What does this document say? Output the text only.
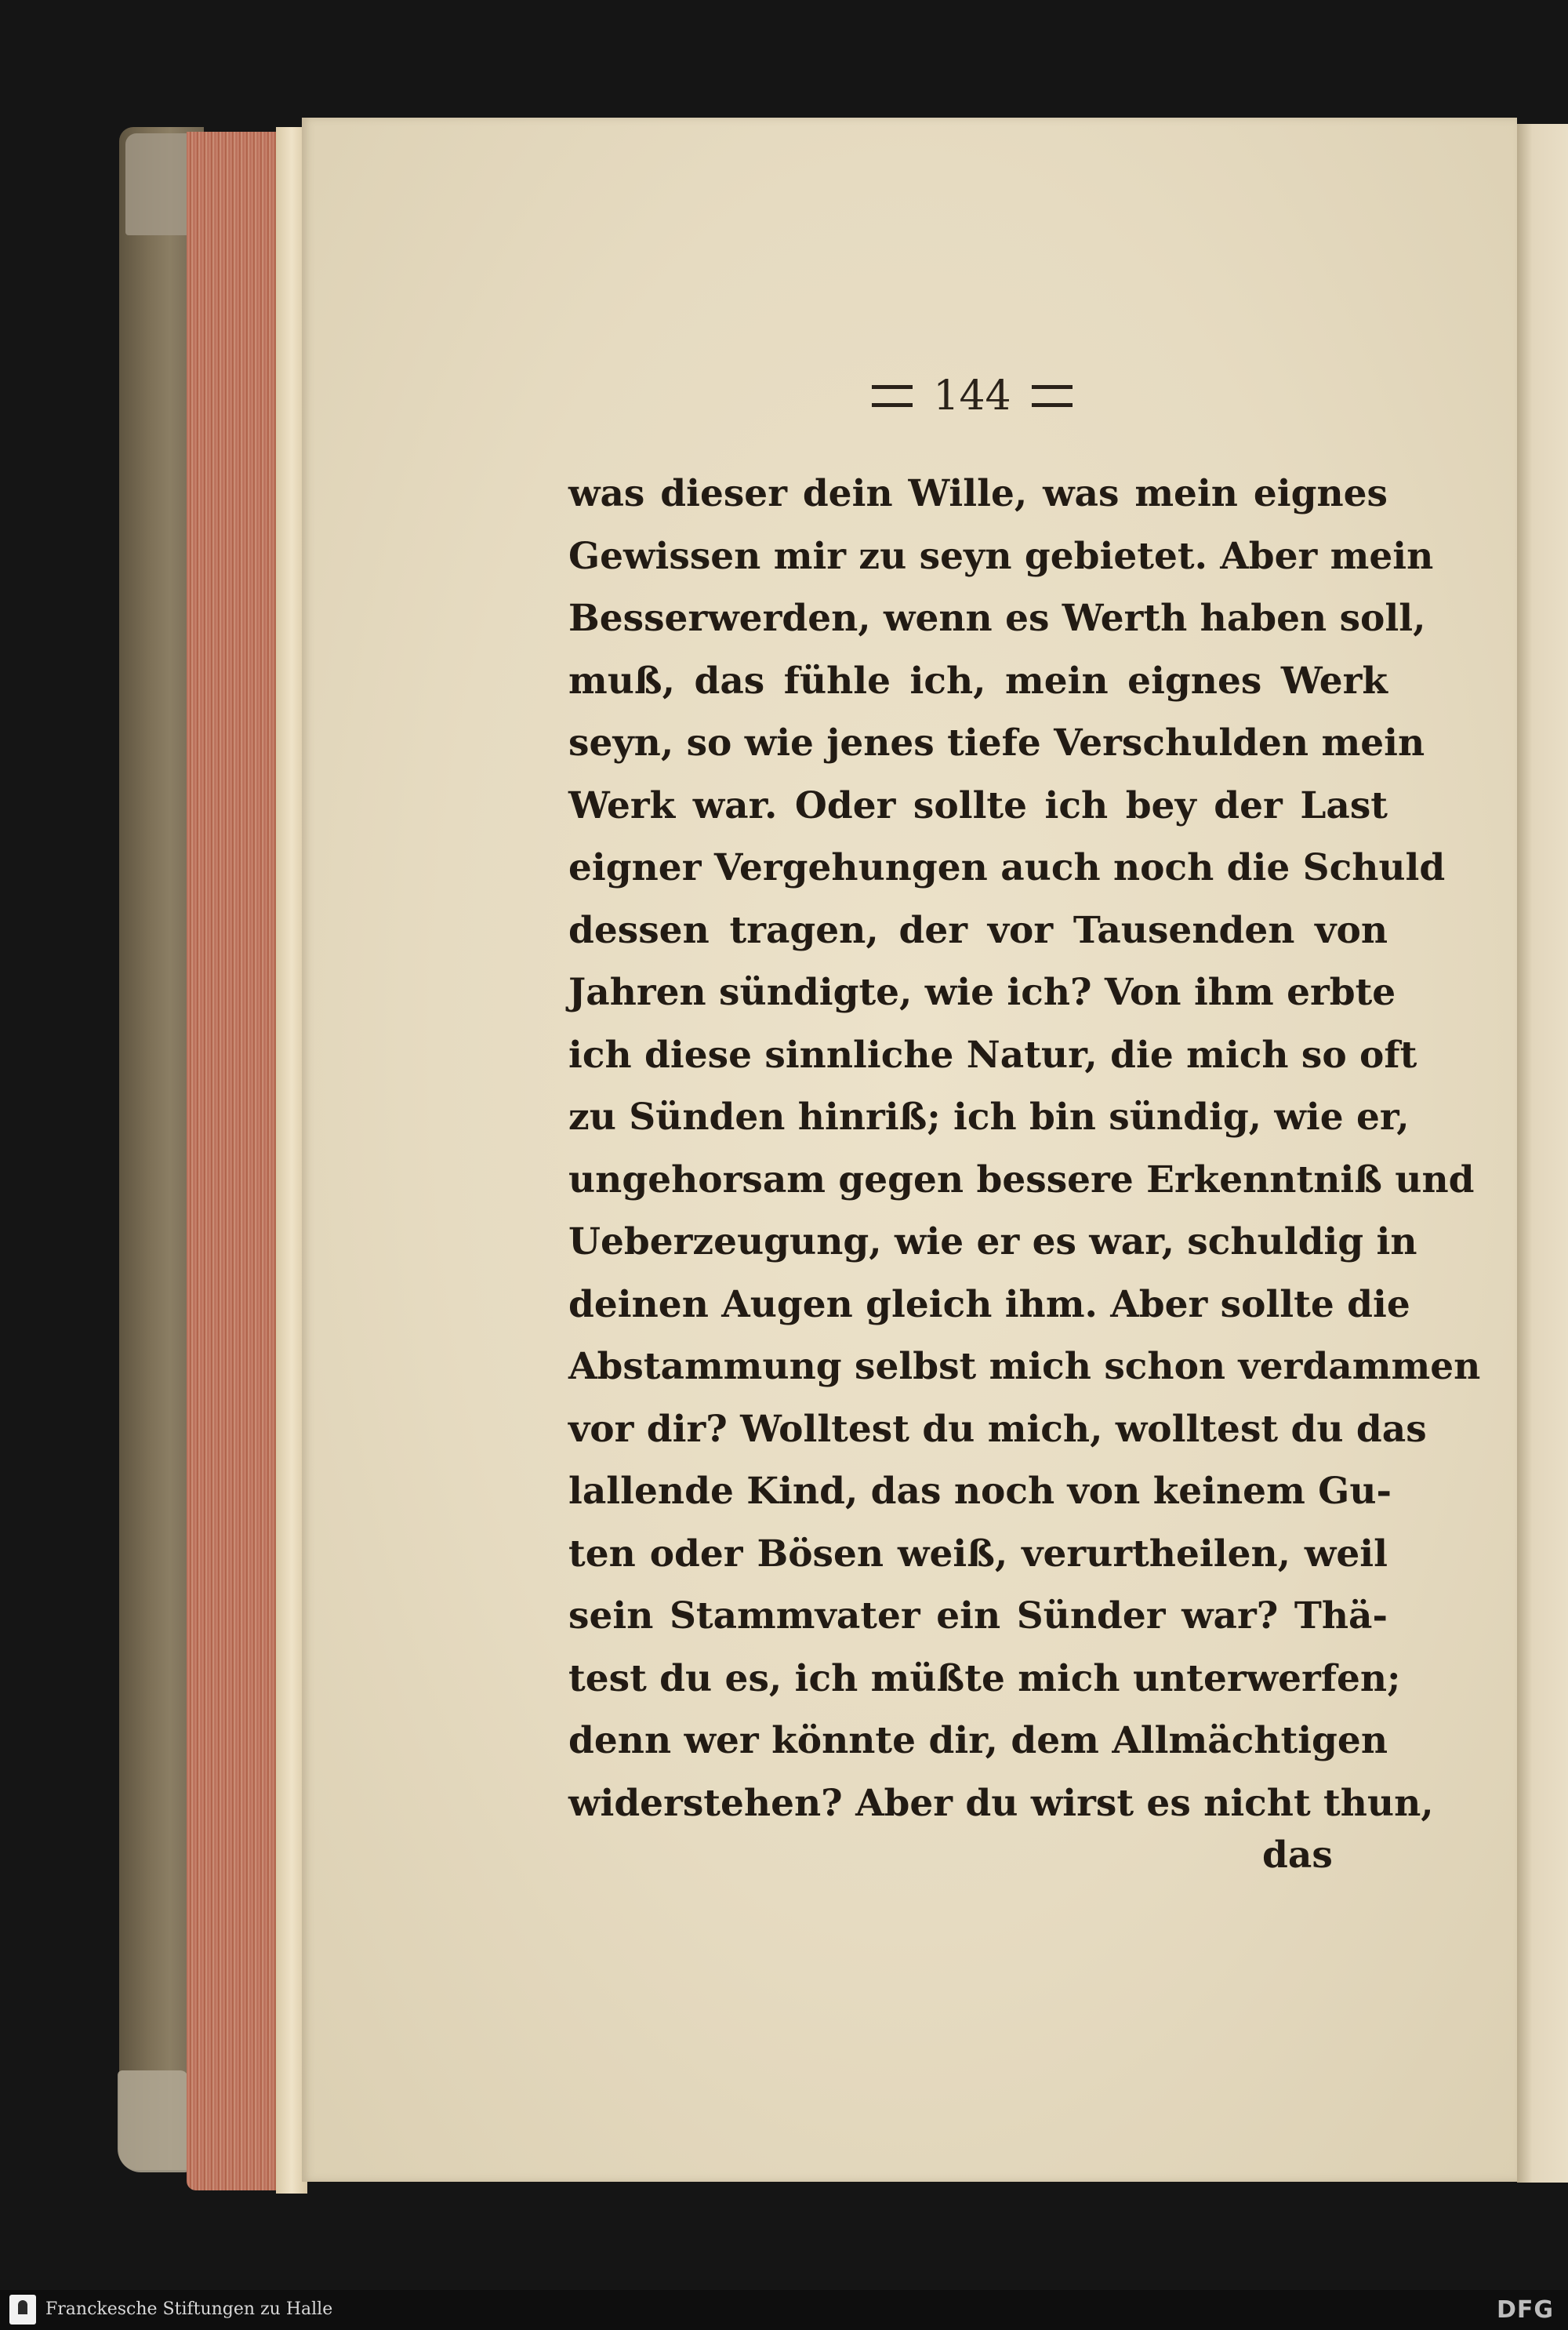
144
was dieser dein Wille, was mein eignes
Gewissen mir zu seyn gebietet. Aber mein
Besserwerden, wenn es Werth haben soll,
muß, das fühle ich, mein eignes Werk
seyn, so wie jenes tiefe Verschulden mein
Werk war. Oder sollte ich bey der Last
eigner Vergehungen auch noch die Schuld
dessen tragen, der vor Tausenden von
Jahren sündigte, wie ich? Von ihm erbte
ich diese sinnliche Natur, die mich so oft
zu Sünden hinriß; ich bin sündig, wie er,
ungehorsam gegen bessere Erkenntniß und
Ueberzeugung, wie er es war, schuldig in
deinen Augen gleich ihm. Aber sollte die
Abstammung selbst mich schon verdammen
vor dir? Wolltest du mich, wolltest du das
lallende Kind, das noch von keinem Gu-
ten oder Bösen weiß, verurtheilen, weil
sein Stammvater ein Sünder war? Thä-
test du es, ich müßte mich unterwerfen;
denn wer könnte dir, dem Allmächtigen
widerstehen? Aber du wirst es nicht thun,
das
Franckesche Stiftungen zu Halle	DFG
